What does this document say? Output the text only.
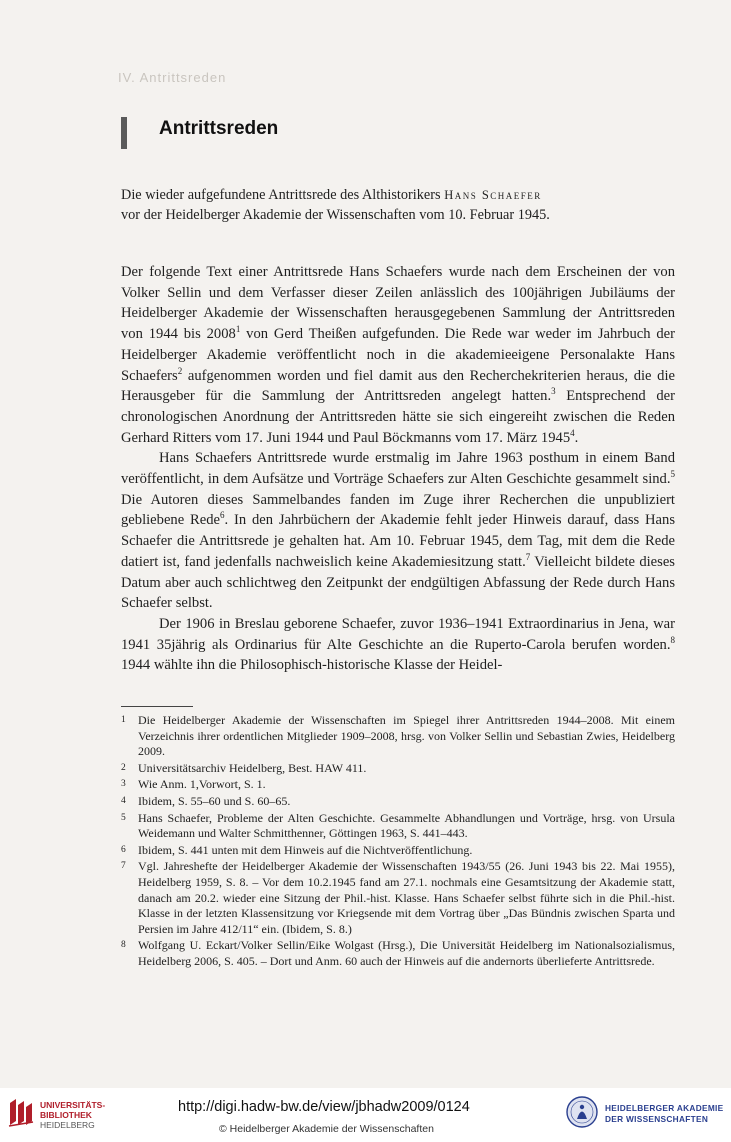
IV. Antrittsreden
Antrittsreden
Die wieder aufgefundene Antrittsrede des Althistorikers Hans Schaefer
vor der Heidelberger Akademie der Wissenschaften vom 10. Februar 1945.

Der folgende Text einer Antrittsrede Hans Schaefers wurde nach dem Erscheinen der von Volker Sellin und dem Verfasser dieser Zeilen anlässlich des 100jährigen Jubiläums der Heidelberger Akademie der Wissenschaften herausgegebenen Sammlung der Antrittsreden von 1944 bis 2008$^1$ von Gerd Theißen aufgefunden. Die Rede war weder im Jahrbuch der Heidelberger Akademie veröffentlicht noch in die akademieeigene Personalakte Hans Schaefers$^2$ aufgenommen worden und fiel damit aus den Recherchekriterien heraus, die die Herausgeber für die Sammlung der Antrittsreden angelegt hatten.$^3$ Entsprechend der chronologischen Anordnung der Antrittsreden hätte sie sich eingereiht zwischen die Reden Gerhard Ritters vom 17. Juni 1944 und Paul Böckmanns vom 17. März 1945$^4$.

Hans Schaefers Antrittsrede wurde erstmalig im Jahre 1963 posthum in einem Band veröffentlicht, in dem Aufsätze und Vorträge Schaefers zur Alten Geschichte gesammelt sind.$^5$ Die Autoren dieses Sammelbandes fanden im Zuge ihrer Recherchen die unpubliziert gebliebene Rede$^6$. In den Jahrbüchern der Akademie fehlt jeder Hinweis darauf, dass Hans Schaefer die Antrittsrede je gehalten hat. Am 10. Februar 1945, dem Tag, mit dem die Rede datiert ist, fand jedenfalls nachweislich keine Akademiesitzung statt.$^7$ Vielleicht bildete dieses Datum aber auch schlichtweg den Zeitpunkt der endgültigen Abfassung der Rede durch Hans Schaefer selbst.

Der 1906 in Breslau geborene Schaefer, zuvor 1936–1941 Extraordinarius in Jena, war 1941 35jährig als Ordinarius für Alte Geschichte an die Ruperto-Carola berufen worden.$^8$ 1944 wählte ihn die Philosophisch-historische Klasse der Heidel-

1 Die Heidelberger Akademie der Wissenschaften im Spiegel ihrer Antrittsreden 1944–2008. Mit einem Verzeichnis ihrer ordentlichen Mitglieder 1909–2008, hrsg. von Volker Sellin und Sebastian Zwies, Heidelberg 2009.
2 Universitätsarchiv Heidelberg, Best. HAW 411.
3 Wie Anm. 1,Vorwort, S. 1.
4 Ibidem, S. 55–60 und S. 60–65.
5 Hans Schaefer, Probleme der Alten Geschichte. Gesammelte Abhandlungen und Vorträge, hrsg. von Ursula Weidemann und Walter Schmitthenner, Göttingen 1963, S. 441–443.
6 Ibidem, S. 441 unten mit dem Hinweis auf die Nichtveröffentlichung.
7 Vgl. Jahreshefte der Heidelberger Akademie der Wissenschaften 1943/55 (26. Juni 1943 bis 22. Mai 1955), Heidelberg 1959, S. 8. – Vor dem 10.2.1945 fand am 27.1. nochmals eine Gesamtsitzung der Akademie statt, danach am 20.2. wieder eine Sitzung der Phil.-hist. Klasse. Hans Schaefer selbst führte sich in die Phil.-hist. Klasse in der letzten Klassensitzung vor Kriegsende mit dem Vortrag über „Das Bündnis zwischen Sparta und Persien im Jahre 412/11“ ein. (Ibidem, S. 8.)
8 Wolfgang U. Eckart/Volker Sellin/Eike Wolgast (Hrsg.), Die Universität Heidelberg im Nationalsozialismus, Heidelberg 2006, S. 405. – Dort und Anm. 60 auch der Hinweis auf die andernorts überlieferte Antrittsrede.
UNIVERSITÄTS-
BIBLIOTHEK
HEIDELBERG
http://digi.hadw-bw.de/view/jbhadw2009/0124
© Heidelberger Akademie der Wissenschaften
HEIDELBERGER AKADEMIE
DER WISSENSCHAFTEN
